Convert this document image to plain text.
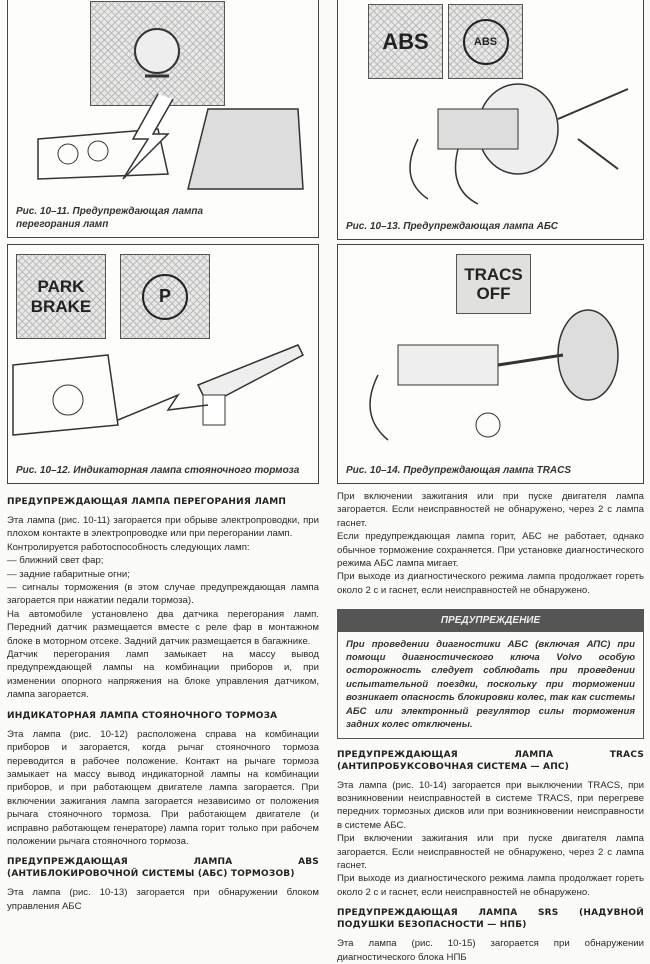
Рис. 10–11. Предупреждающая лампа перегорания ламп
ABS	ABS
Рис. 10–13. Предупреждающая лампа АБС
PARK BRAKE	P
Рис. 10–12. Индикаторная лампа стояночного тормоза
TRACS OFF
Рис. 10–14. Предупреждающая лампа TRACS
ПРЕДУПРЕЖДАЮЩАЯ ЛАМПА ПЕРЕГОРАНИЯ ЛАМП

Эта лампа (рис. 10-11) загорается при обрыве электропроводки, при плохом контакте в электропроводке или при перегорании ламп.

Контролируется работоспособность следующих ламп:

— ближний свет фар;

— задние габаритные огни;

— сигналы торможения (в этом случае предупреждающая лампа загорается при нажатии педали тормоза).

На автомобиле установлено два датчика перегорания ламп. Передний датчик размещается вместе с реле фар в монтажном блоке в моторном отсеке. Задний датчик размещается в багажнике.

Датчик перегорания ламп замыкает на массу вывод предупреждающей лампы на комбинации приборов и, при изменении опорного напряжения на блоке управления датчиком, лампа загорается.

ИНДИКАТОРНАЯ ЛАМПА СТОЯНОЧНОГО ТОРМОЗА

Эта лампа (рис. 10-12) расположена справа на комбинации приборов и загорается, когда рычаг стояночного тормоза переводится в рабочее положение. Контакт на рычаге тормоза замыкает на массу вывод индикаторной лампы на комбинации приборов, и при работающем двигателе лампа загорается. При включении зажигания лампа загорается независимо от положения рычага стояночного тормоза. При работающем двигателе (и исправно работающем генераторе) лампа горит только при рабочем положении рычага стояночного тормоза.

ПРЕДУПРЕЖДАЮЩАЯ ЛАМПА ABS (АНТИБЛОКИРОВОЧНОЙ СИСТЕМЫ (АБС) ТОРМОЗОВ)

Эта лампа (рис. 10-13) загорается при обнаружении блоком управления АБС

При включении зажигания или при пуске двигателя лампа загорается. Если неисправностей не обнаружено, через 2 с лампа гаснет.

Если предупреждающая лампа горит, АБС не работает, однако обычное торможение сохраняется. При установке диагностического режима АБС лампа мигает.

При выходе из диагностического режима лампа продолжает гореть около 2 с и гаснет, если неисправностей не обнаружено.

ПРЕДУПРЕЖДЕНИЕ
При проведении диагностики АБС (включая АПС) при помощи диагностического ключа Volvo особую осторожность следует соблюдать при проведении испытательной поездки, поскольку при торможении возникает опасность блокировки колес, так как системы АБС или электронный регулятор силы торможения задних колес отключены.
ПРЕДУПРЕЖДАЮЩАЯ ЛАМПА TRACS (АНТИПРОБУКСОВОЧНАЯ СИСТЕМА — АПС)

Эта лампа (рис. 10-14) загорается при выключении TRACS, при возникновении неисправностей в системе TRACS, при перегреве передних тормозных дисков или при возникновении неисправности в системе АБС.

При включении зажигания или при пуске двигателя лампа загорается. Если неисправностей не обнаружено, через 2 с лампа гаснет.

При выходе из диагностического режима лампа продолжает гореть около 2 с и гаснет, если неисправностей не обнаружено.

ПРЕДУПРЕЖДАЮЩАЯ ЛАМПА SRS (НАДУВНОЙ ПОДУШКИ БЕЗОПАСНОСТИ — НПБ)

Эта лампа (рис. 10-15) загорается при обнаружении диагностического блока НПБ
